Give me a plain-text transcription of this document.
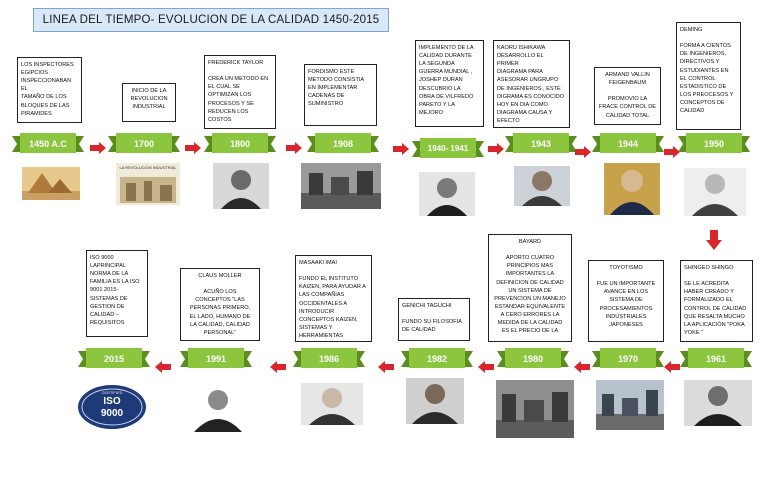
LINEA DEL TIEMPO- EVOLUCION DE LA CALIDAD 1450-2015
LOS INSPECTORES
EGIPCIOS
INSPECCIONABAN EL
TAMAÑO DE LOS
BLOQUES DE LAS
PIRAMIDES
1450 A.C
INICIO DE LA
REVOLUCION
INDUSTRIAL
1700
LA REVOLUCIÓN INDUSTRIAL
FREDERICK TAYLOR

CREA UN METODO EN
EL CUAL SE
OPTIMIZAN LOS
PROCESOS Y SE
REDUCEN LOS
COSTOS
1800
FORDISMO ESTE
METODO CONSISTIA
EN IMPLEMENTAR
CADENAS DE
SUMINISTRO
1908
IMPLEMENTO DE LA
CALIDAD DURANTE
LA SEGUNDA
GUERRA MUNDIAL ,
JOSHEP DURAN
DESCUBRIO LA
OBRA DE VILFREDO
PARETO Y LA
MEJORO
1940- 1941
KAORU ISHIKAWA
DESARROLLO EL PRIMER
DIAGRAMA PARA
ASESORAR UNGRUPO
DE INGENIEROS , ESTE
DIGRAMA ES CONOCIDO
HOY EN DIA COMO
DIAGRAMA CAUSA Y
EFECTO
1943
ARMAND VALLIN
FEIGENBAUM

PROMOVIO LA
FRACE CONTROL DE
CALIDAD TOTAL
1944
DEMING

FORMA A CIENTOS
DE INGENIEROS,
DIRECTIVOS Y
ESTUDIANTES EN
EL CONTROL
ESTADISTICO DE
LOS PREOCESOS Y
CONCEPTOS DE
CALIDAD
1950
ISO 9000
LAPRINCIPAL
NORMA DE LA
FAMILIA ES LA ISO
9001 2015-
SISTEMAS DE
GESTION DE
CALIDAD –
REQUISITOS
2015
CERTIFIED
ISO
9000
CLAUS MOLLER

ACUÑO LOS
CONCEPTOS "LAS
PERSONAS PRIMERO,
EL LADO, HUMANO DE
LA CALIDAD, CALIDAD
PERSONAL"
1991
MASAAKI IMAI

FUNDO EL INSTITUTO
KAIZEN, PARA AYUDAR A
LAS COMPAÑIAS
OCCIDENTALES A
INTRODUCIR
CONCEPTOS KAIZEN,
SISTEMAS Y
HERRAMIENTAS
1986
GENICHI TAGUCHI

FUNDO SU FILOSOFIA
DE CALIDAD
1982
BAYARD

APORTO CUATRO
PRINCIPIOS MAS
IMPORTANTES LA
DEFINICION DE CALIDAD
UN SISTEMA DE
PREVENCION UN MANEJO
ESTANDAR EQUIVALENTE
A CERO ERRORES LA
MEDIDA DE LA CALIDAD
ES EL PRECIO DE LA
1980
TOYOTISMO

FUE UN IMPORTANTE
AVANCE EN LOS
SISTEMA DE
PROCESAMIENTOS
INDUSTRIALES
JAPONESES
1970
SHINGEO SHINGO

SE LE ACREDITA
HABER CREADO Y
FORMALIZADO EL
CONTROL DE CALIDAD
QUE RESALTA MUCHO
LA APLICACIÓN "POKA
YOKE "
1961
